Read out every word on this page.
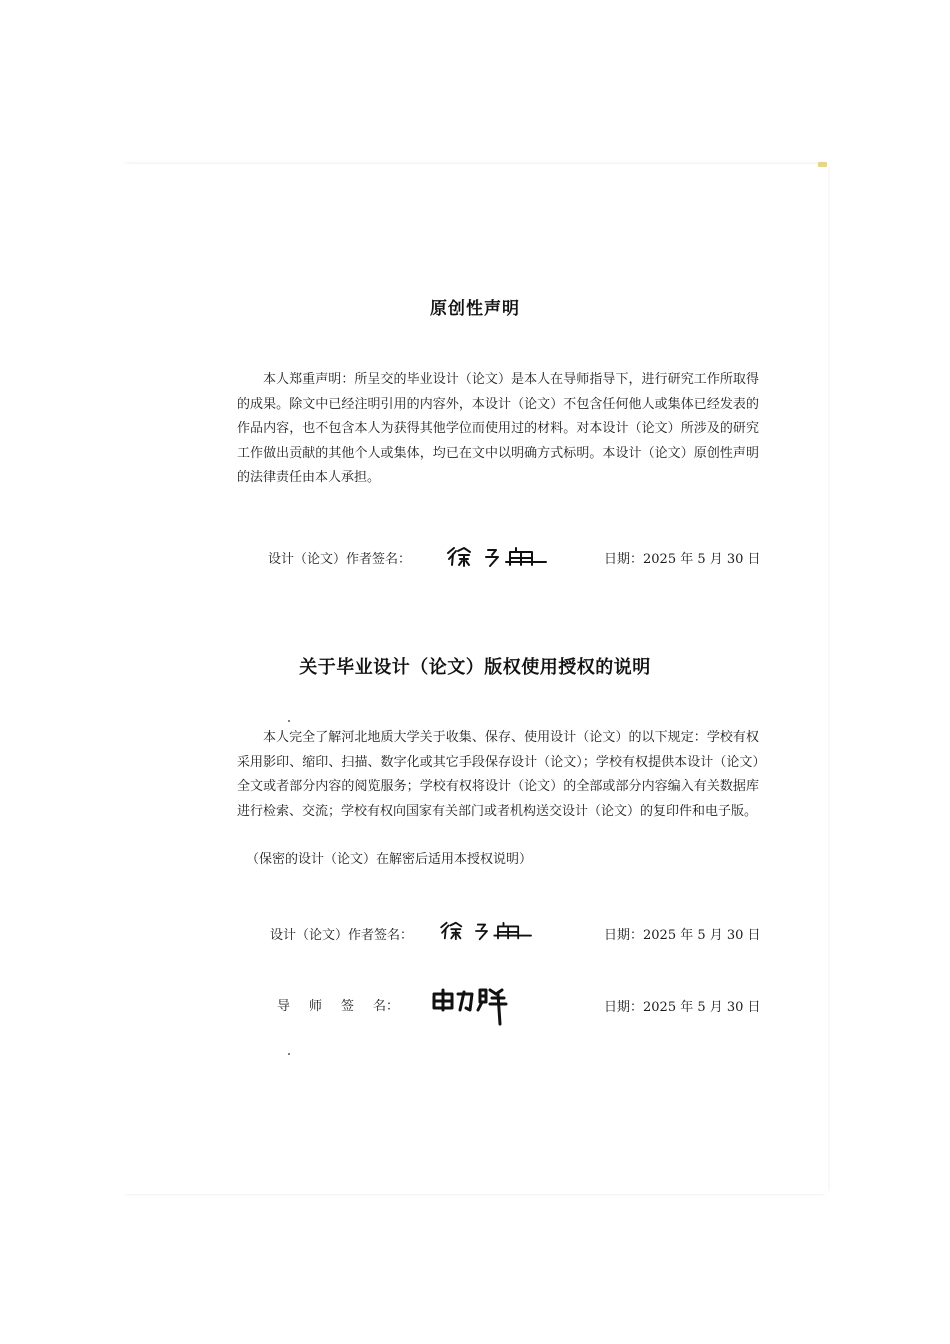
原创性声明

本人郑重声明：所呈交的毕业设计（论文）是本人在导师指导下，进行研究工作所取得的成果。除文中已经注明引用的内容外，本设计（论文）不包含任何他人或集体已经发表的作品内容，也不包含本人为获得其他学位而使用过的材料。对本设计（论文）所涉及的研究工作做出贡献的其他个人或集体，均已在文中以明确方式标明。本设计（论文）原创性声明的法律责任由本人承担。

设计（论文）作者签名：	日期：2025 年 5 月 30 日
关于毕业设计（论文）版权使用授权的说明

本人完全了解河北地质大学关于收集、保存、使用设计（论文）的以下规定：学校有权采用影印、缩印、扫描、数字化或其它手段保存设计（论文）；学校有权提供本设计（论文）全文或者部分内容的阅览服务；学校有权将设计（论文）的全部或部分内容编入有关数据库进行检索、交流；学校有权向国家有关部门或者机构送交设计（论文）的复印件和电子版。

（保密的设计（论文）在解密后适用本授权说明）
设计（论文）作者签名：	日期：2025 年 5 月 30 日
导 师 签 名：	日期：2025 年 5 月 30 日
